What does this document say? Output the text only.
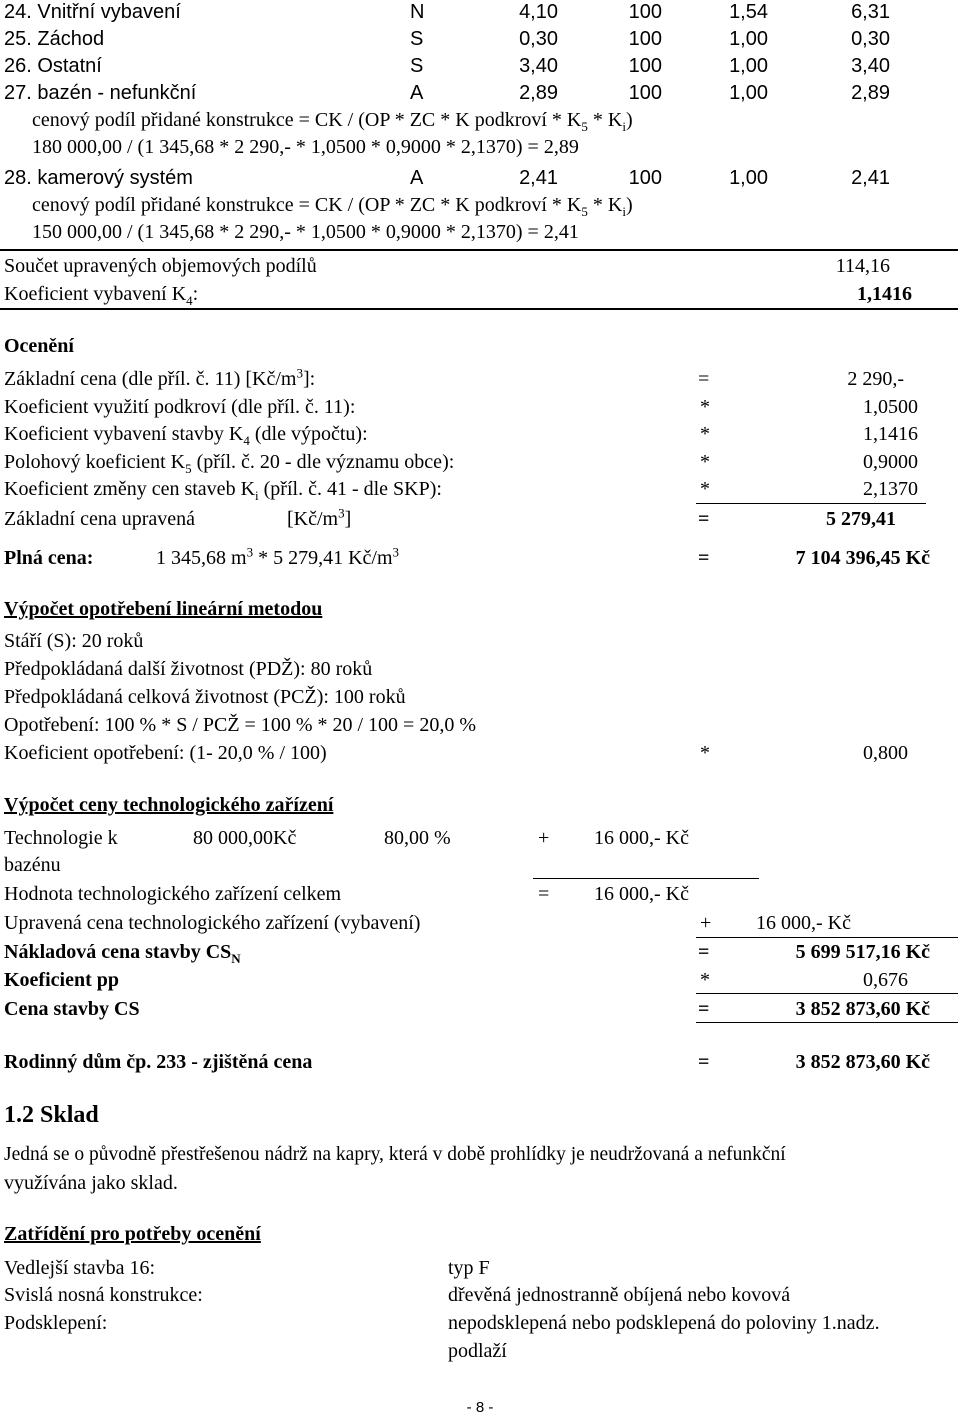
24. Vnitřní vybavení	N	4,10	100	1,54	6,31
25. Záchod	S	0,30	100	1,00	0,30
26. Ostatní	S	3,40	100	1,00	3,40
27. bazén - nefunkční	A	2,89	100	1,00	2,89
cenový podíl přidané konstrukce = CK / (OP * ZC * K podkroví * $K_5 * K_i$)
180 000,00 / (1 345,68 * 2 290,- * 1,0500 * 0,9000 * 2,1370) = 2,89
28. kamerový systém	A	2,41	100	1,00	2,41
cenový podíl přidané konstrukce = CK / (OP * ZC * K podkroví * $K_5 * K_i$)
150 000,00 / (1 345,68 * 2 290,- * 1,0500 * 0,9000 * 2,1370) = 2,41
Součet upravených objemových podílů	114,16
Koeficient vybavení $K_4$:	1,1416
Ocenění
Základní cena (dle příl. č. 11) $[Kč/m^3]$:	=	2 290,-
Koeficient využití podkroví (dle příl. č. 11):	*	1,0500
Koeficient vybavení stavby $K_4$ (dle výpočtu):	*	1,1416
Polohový koeficient $K_5$ (příl. č. 20 - dle významu obce):	*	0,9000
Koeficient změny cen staveb $K_i$ (příl. č. 41 - dle SKP):	*	2,1370
Základní cena upravená	$[Kč/m^3]$	=	5 279,41
Plná cena:	1 345,68 $m^3 * 5$ 279,41 $Kč/m^3$	=	7 104 396,45 Kč
Výpočet opotřebení lineární metodou
Stáří (S): 20 roků
Předpokládaná další životnost (PDŽ): 80 roků
Předpokládaná celková životnost (PCŽ): 100 roků
Opotřebení: 100 % * S / PCŽ = 100 % * 20 / 100 = 20,0 %
Koeficient opotřebení: (1- 20,0 % / 100)	*	0,800
Výpočet ceny technologického zařízení
Technologie k
bazénu
80 000,00Kč	80,00 %	+ 16 000,- Kč
Hodnota technologického zařízení celkem	= 16 000,- Kč
Upravená cena technologického zařízení (vybavení)	+ 16 000,- Kč
Nákladová cena stavby $CS_N$	=	5 699 517,16 Kč
Koeficient pp	*	0,676
Cena stavby CS	=	3 852 873,60 Kč
Rodinný dům čp. 233 - zjištěná cena	=	3 852 873,60 Kč
1.2 Sklad
Jedná se o původně přestřešenou nádrž na kapry, která v době prohlídky je neudržovaná a nefunkční
využívána jako sklad.
Zatřídění pro potřeby ocenění
Vedlejší stavba 16:	typ F
Svislá nosná konstrukce:	dřevěná jednostranně obíjená nebo kovová
Podsklepení:	nepodsklepená nebo podsklepená do poloviny 1.nadz.
podlaží
- 8 -
